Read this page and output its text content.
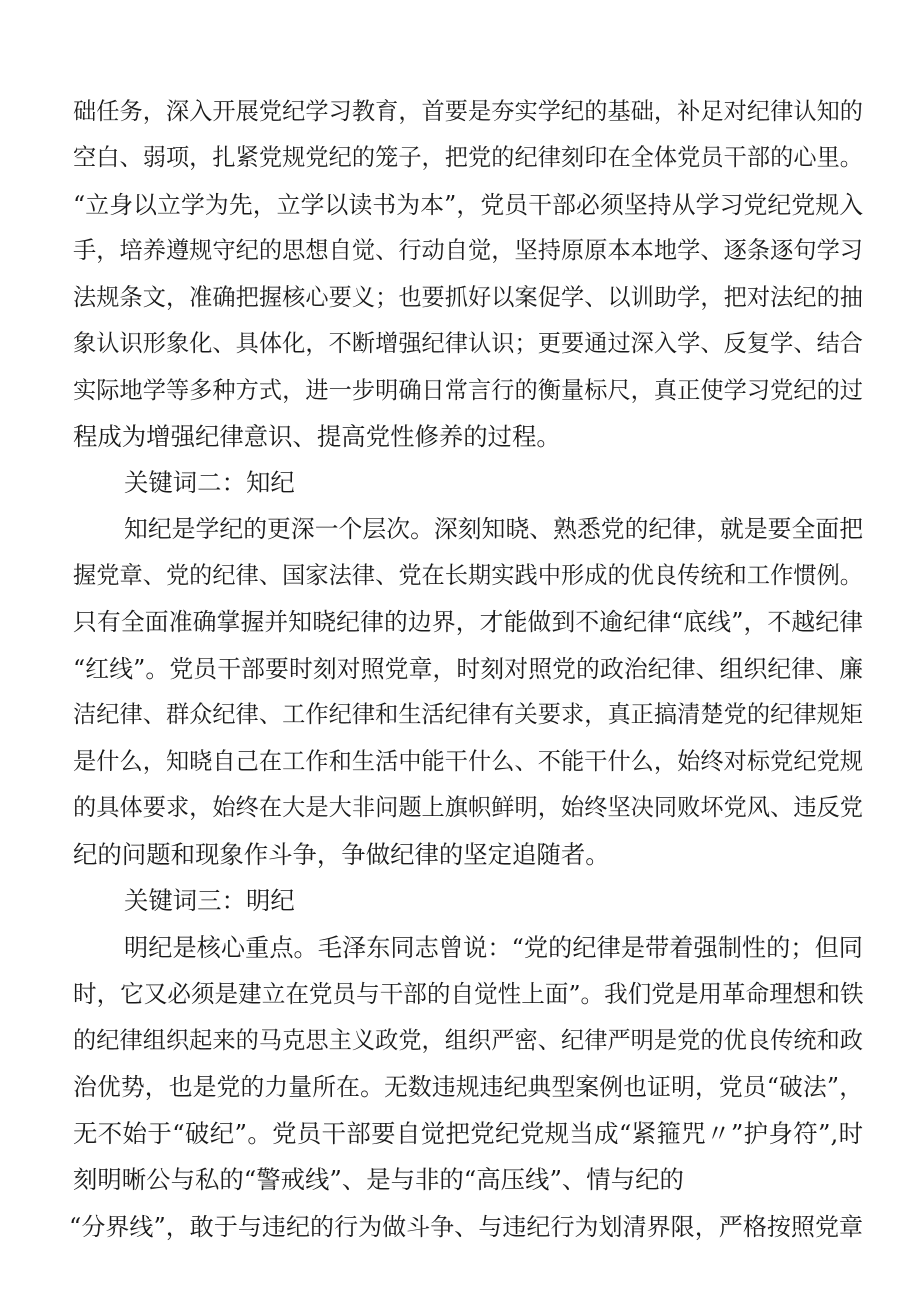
础任务，深入开展党纪学习教育，首要是夯实学纪的基础，补足对纪律认知的
空白、弱项，扎紧党规党纪的笼子，把党的纪律刻印在全体党员干部的心里。
“立身以立学为先，立学以读书为本”，党员干部必须坚持从学习党纪党规入
手，培养遵规守纪的思想自觉、行动自觉，坚持原原本本地学、逐条逐句学习
法规条文，准确把握核心要义；也要抓好以案促学、以训助学，把对法纪的抽
象认识形象化、具体化，不断增强纪律认识；更要通过深入学、反复学、结合
实际地学等多种方式，进一步明确日常言行的衡量标尺，真正使学习党纪的过
程成为增强纪律意识、提高党性修养的过程。
关键词二：知纪
知纪是学纪的更深一个层次。深刻知晓、熟悉党的纪律，就是要全面把
握党章、党的纪律、国家法律、党在长期实践中形成的优良传统和工作惯例。
只有全面准确掌握并知晓纪律的边界，才能做到不逾纪律“底线”，不越纪律
“红线”。党员干部要时刻对照党章，时刻对照党的政治纪律、组织纪律、廉
洁纪律、群众纪律、工作纪律和生活纪律有关要求，真正搞清楚党的纪律规矩
是什么，知晓自己在工作和生活中能干什么、不能干什么，始终对标党纪党规
的具体要求，始终在大是大非问题上旗帜鲜明，始终坚决同败坏党风、违反党
纪的问题和现象作斗争，争做纪律的坚定追随者。
关键词三：明纪
明纪是核心重点。毛泽东同志曾说：“党的纪律是带着强制性的；但同
时，它又必须是建立在党员与干部的自觉性上面”。我们党是用革命理想和铁
的纪律组织起来的马克思主义政党，组织严密、纪律严明是党的优良传统和政
治优势，也是党的力量所在。无数违规违纪典型案例也证明，党员“破法”，
无不始于“破纪”。党员干部要自觉把党纪党规当成“紧箍咒〃”护身符”,时
刻明晰公与私的“警戒线”、是与非的“高压线”、情与纪的
“分界线”，敢于与违纪的行为做斗争、与违纪行为划清界限，严格按照党章
